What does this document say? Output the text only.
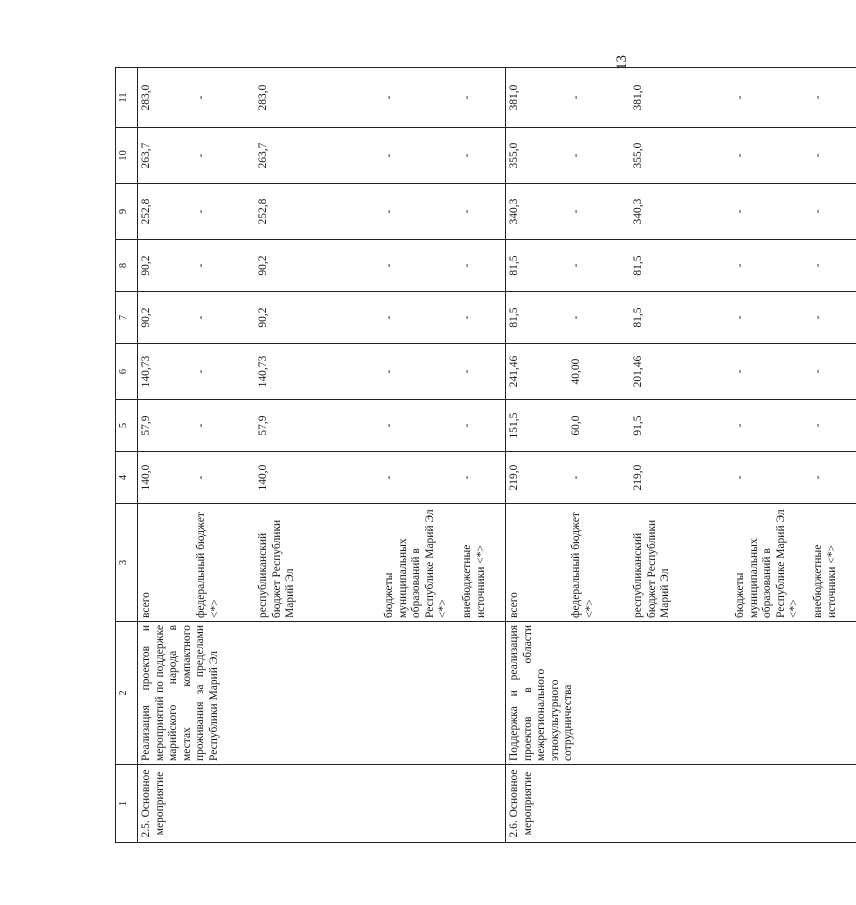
13
1	2	3	4	5	6	7	8	9	10	11
2.5. Основное мероприятие	Реализация проектов и мероприятий по поддержке марийского народа в местах компактного проживания за пределами Республики Марий Эл	всего	140,0	57,9	140,73	90,2	90,2	252,8	263,7	283,0
		федеральный бюджет <*>	-	-	-	-	-	-	-	-
		республиканский бюджет Республики Марий Эл	140,0	57,9	140,73	90,2	90,2	252,8	263,7	283,0
		бюджеты муниципальных образований в Республике Марий Эл <*>	-	-	-	-	-	-	-	-
		внебюджетные источники <*>	-	-	-	-	-	-	-	-
2.6. Основное мероприятие	Поддержка и реализация проектов в области межрегионального этнокультурного сотрудничества	всего	219,0	151,5	241,46	81,5	81,5	340,3	355,0	381,0
		федеральный бюджет <*>	-	60,0	40,00	-	-	-	-	-
		республиканский бюджет Республики Марий Эл	219,0	91,5	201,46	81,5	81,5	340,3	355,0	381,0
		бюджеты муниципальных образований в Республике Марий Эл <*>	-	-	-	-	-	-	-	-
		внебюджетные источники <*>	-	-	-	-	-	-	-	-
